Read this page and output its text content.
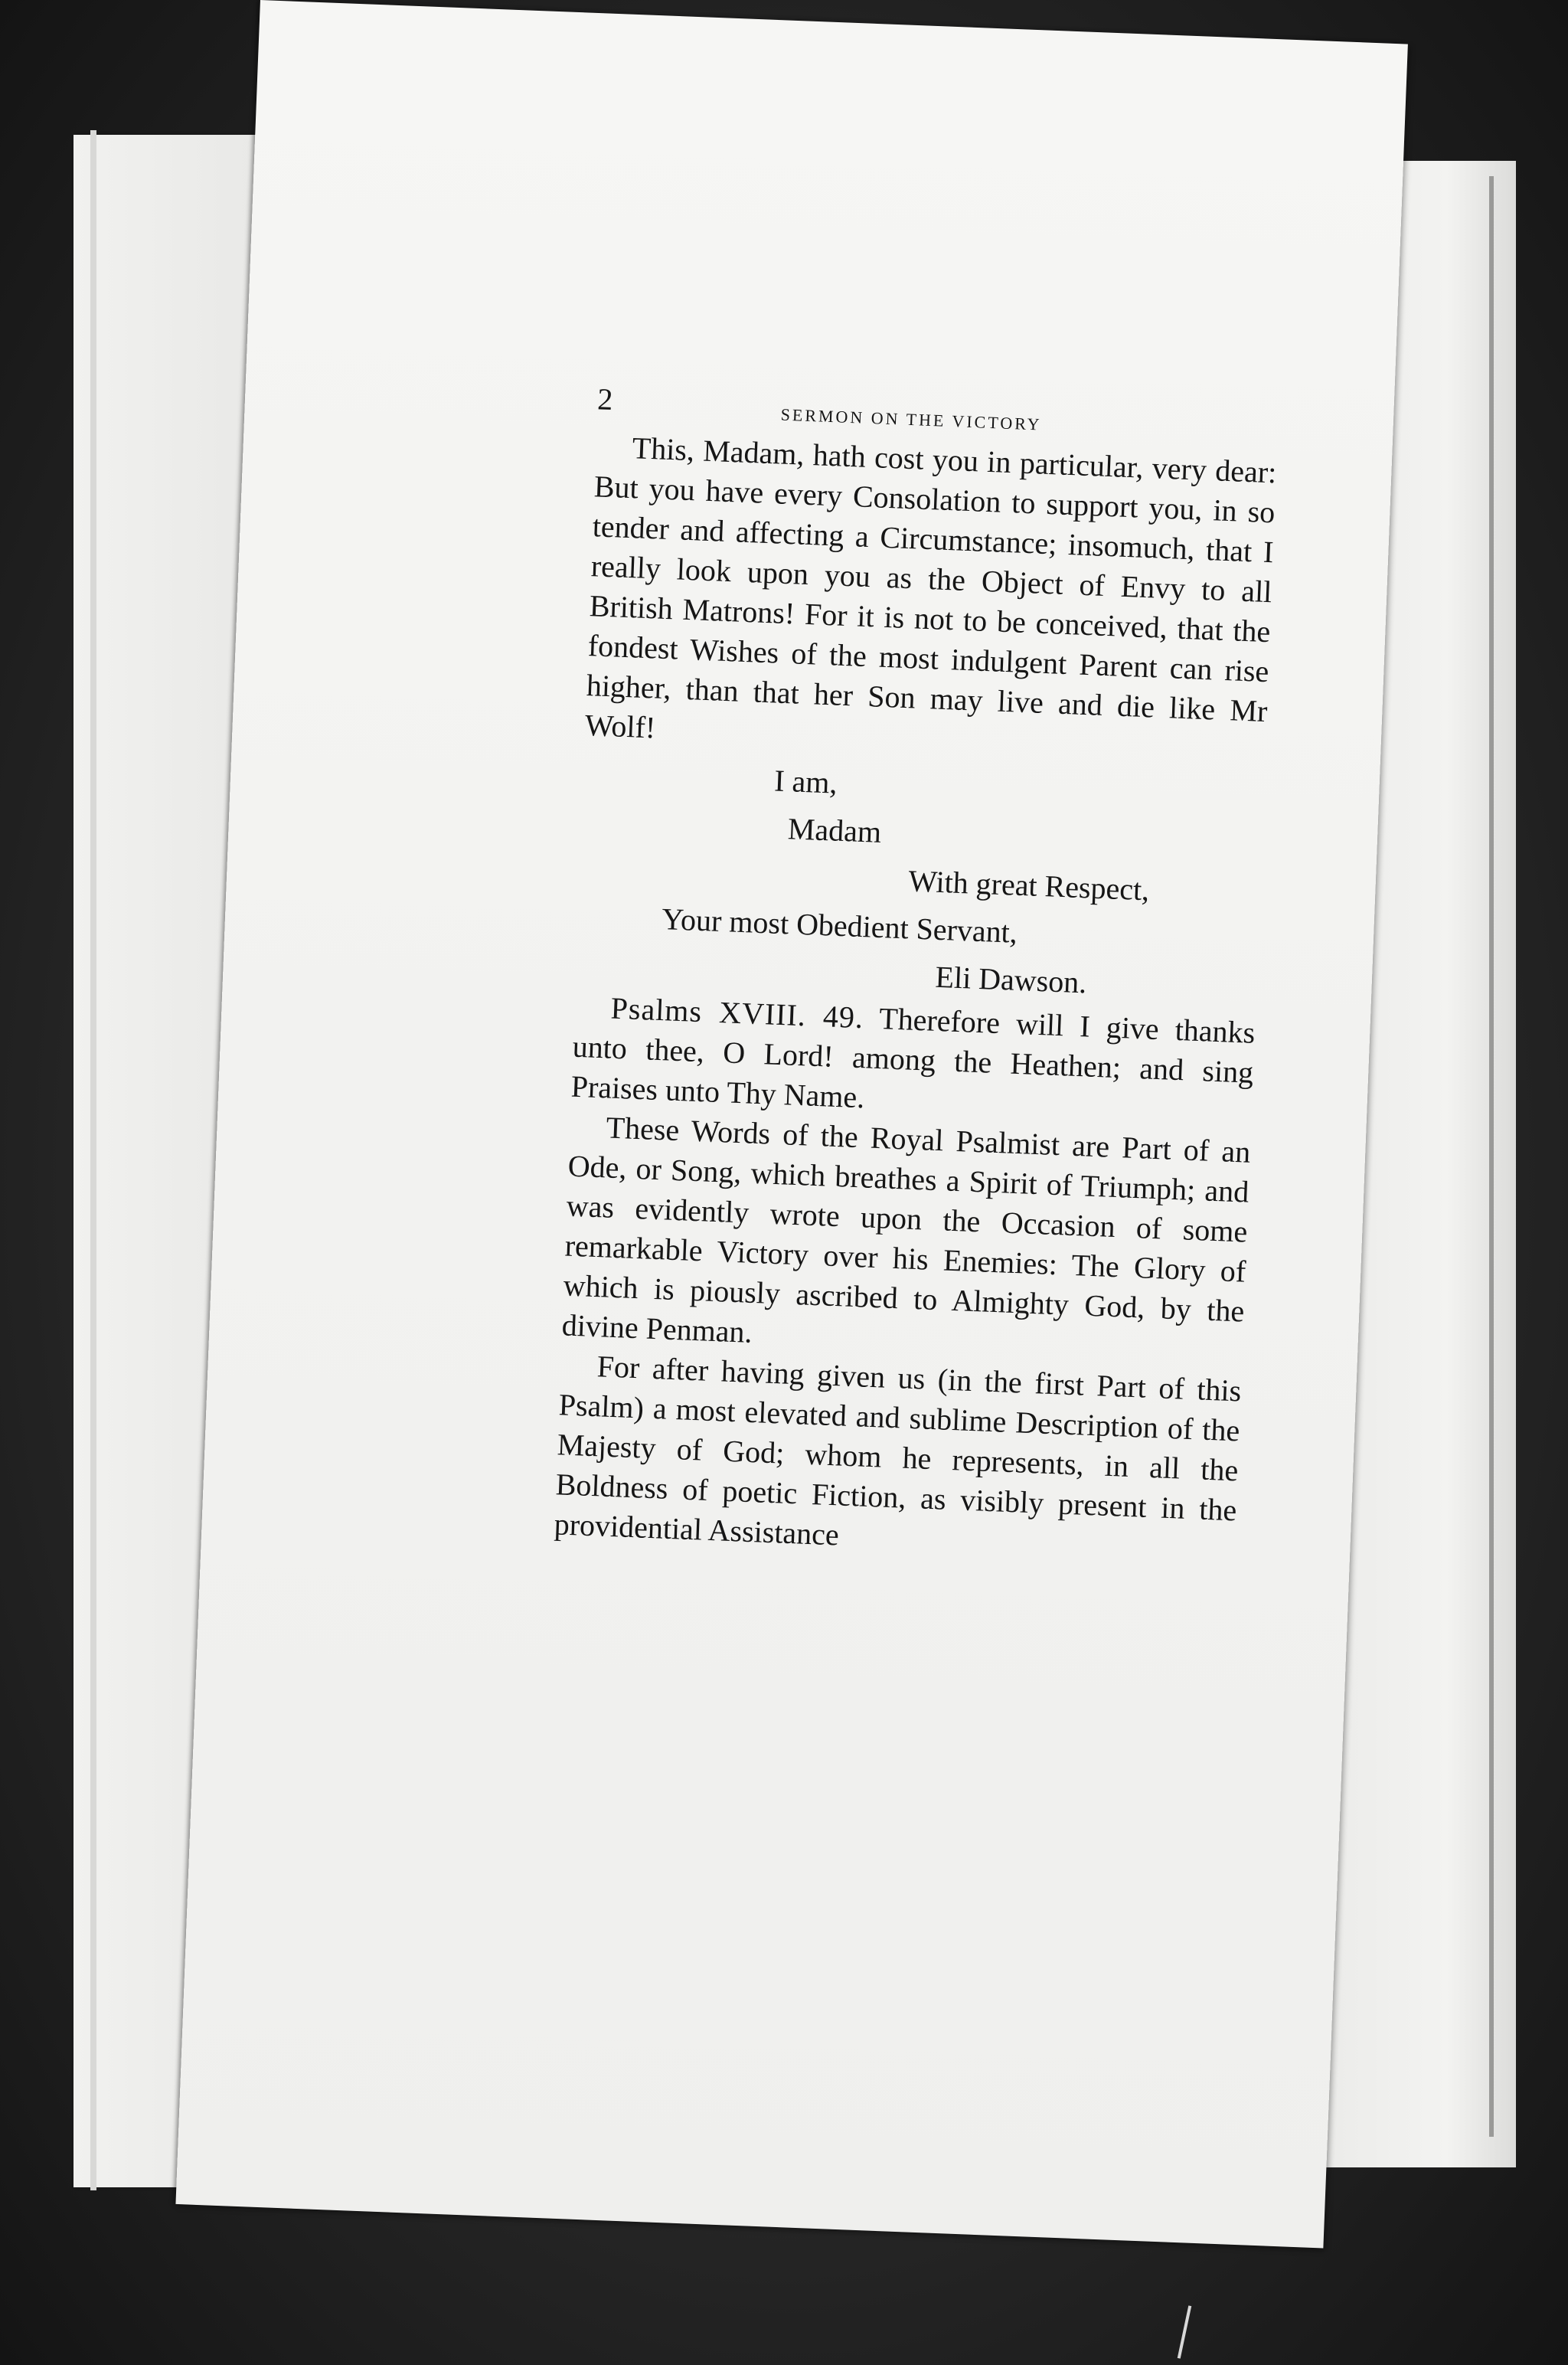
2
SERMON ON THE VICTORY

This, Madam, hath cost you in particular, very dear: But you have every Consolation to support you, in so tender and affecting a Circumstance; insomuch, that I really look upon you as the Object of Envy to all British Matrons! For it is not to be conceived, that the fondest Wishes of the most indulgent Parent can rise higher, than that her Son may live and die like Mr Wolf!

I am,

Madam

With great Respect,

Your most Obedient Servant,

Eli Dawson.

Psalms XVIII. 49. Therefore will I give thanks unto thee, O Lord! among the Heathen; and sing Praises unto Thy Name.

These Words of the Royal Psalmist are Part of an Ode, or Song, which breathes a Spirit of Triumph; and was evidently wrote upon the Occasion of some remarkable Victory over his Enemies: The Glory of which is piously ascribed to Almighty God, by the divine Penman.

For after having given us (in the first Part of this Psalm) a most elevated and sublime Description of the Majesty of God; whom he represents, in all the Boldness of poetic Fiction, as visibly present in the providential Assistance
